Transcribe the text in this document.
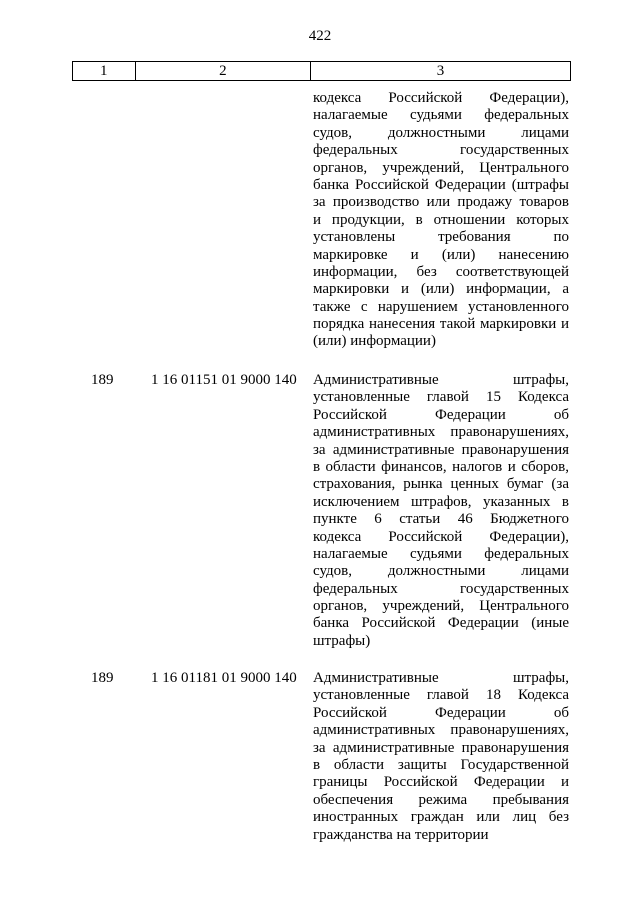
422
1	2	3
кодекса Российской Федерации),
налагаемые судьями федеральных
судов, должностными лицами
федеральных государственных
органов, учреждений, Центрального
банка Российской Федерации (штрафы
за производство или продажу товаров
и продукции, в отношении которых
установлены требования по
маркировке и (или) нанесению
информации, без соответствующей
маркировки и (или) информации, а
также с нарушением установленного
порядка нанесения такой маркировки и
(или) информации)
189	1 16 01151 01 9000 140 Административные штрафы,
установленные главой 15 Кодекса
Российской Федерации об
административных правонарушениях,
за административные правонарушения
в области финансов, налогов и сборов,
страхования, рынка ценных бумаг (за
исключением штрафов, указанных в
пункте 6 статьи 46 Бюджетного
кодекса Российской Федерации),
налагаемые судьями федеральных
судов, должностными лицами
федеральных государственных
органов, учреждений, Центрального
банка Российской Федерации (иные
штрафы)
189	1 16 01181 01 9000 140 Административные штрафы,
установленные главой 18 Кодекса
Российской Федерации об
административных правонарушениях,
за административные правонарушения
в области защиты Государственной
границы Российской Федерации и
обеспечения режима пребывания
иностранных граждан или лиц без
гражданства на территории
